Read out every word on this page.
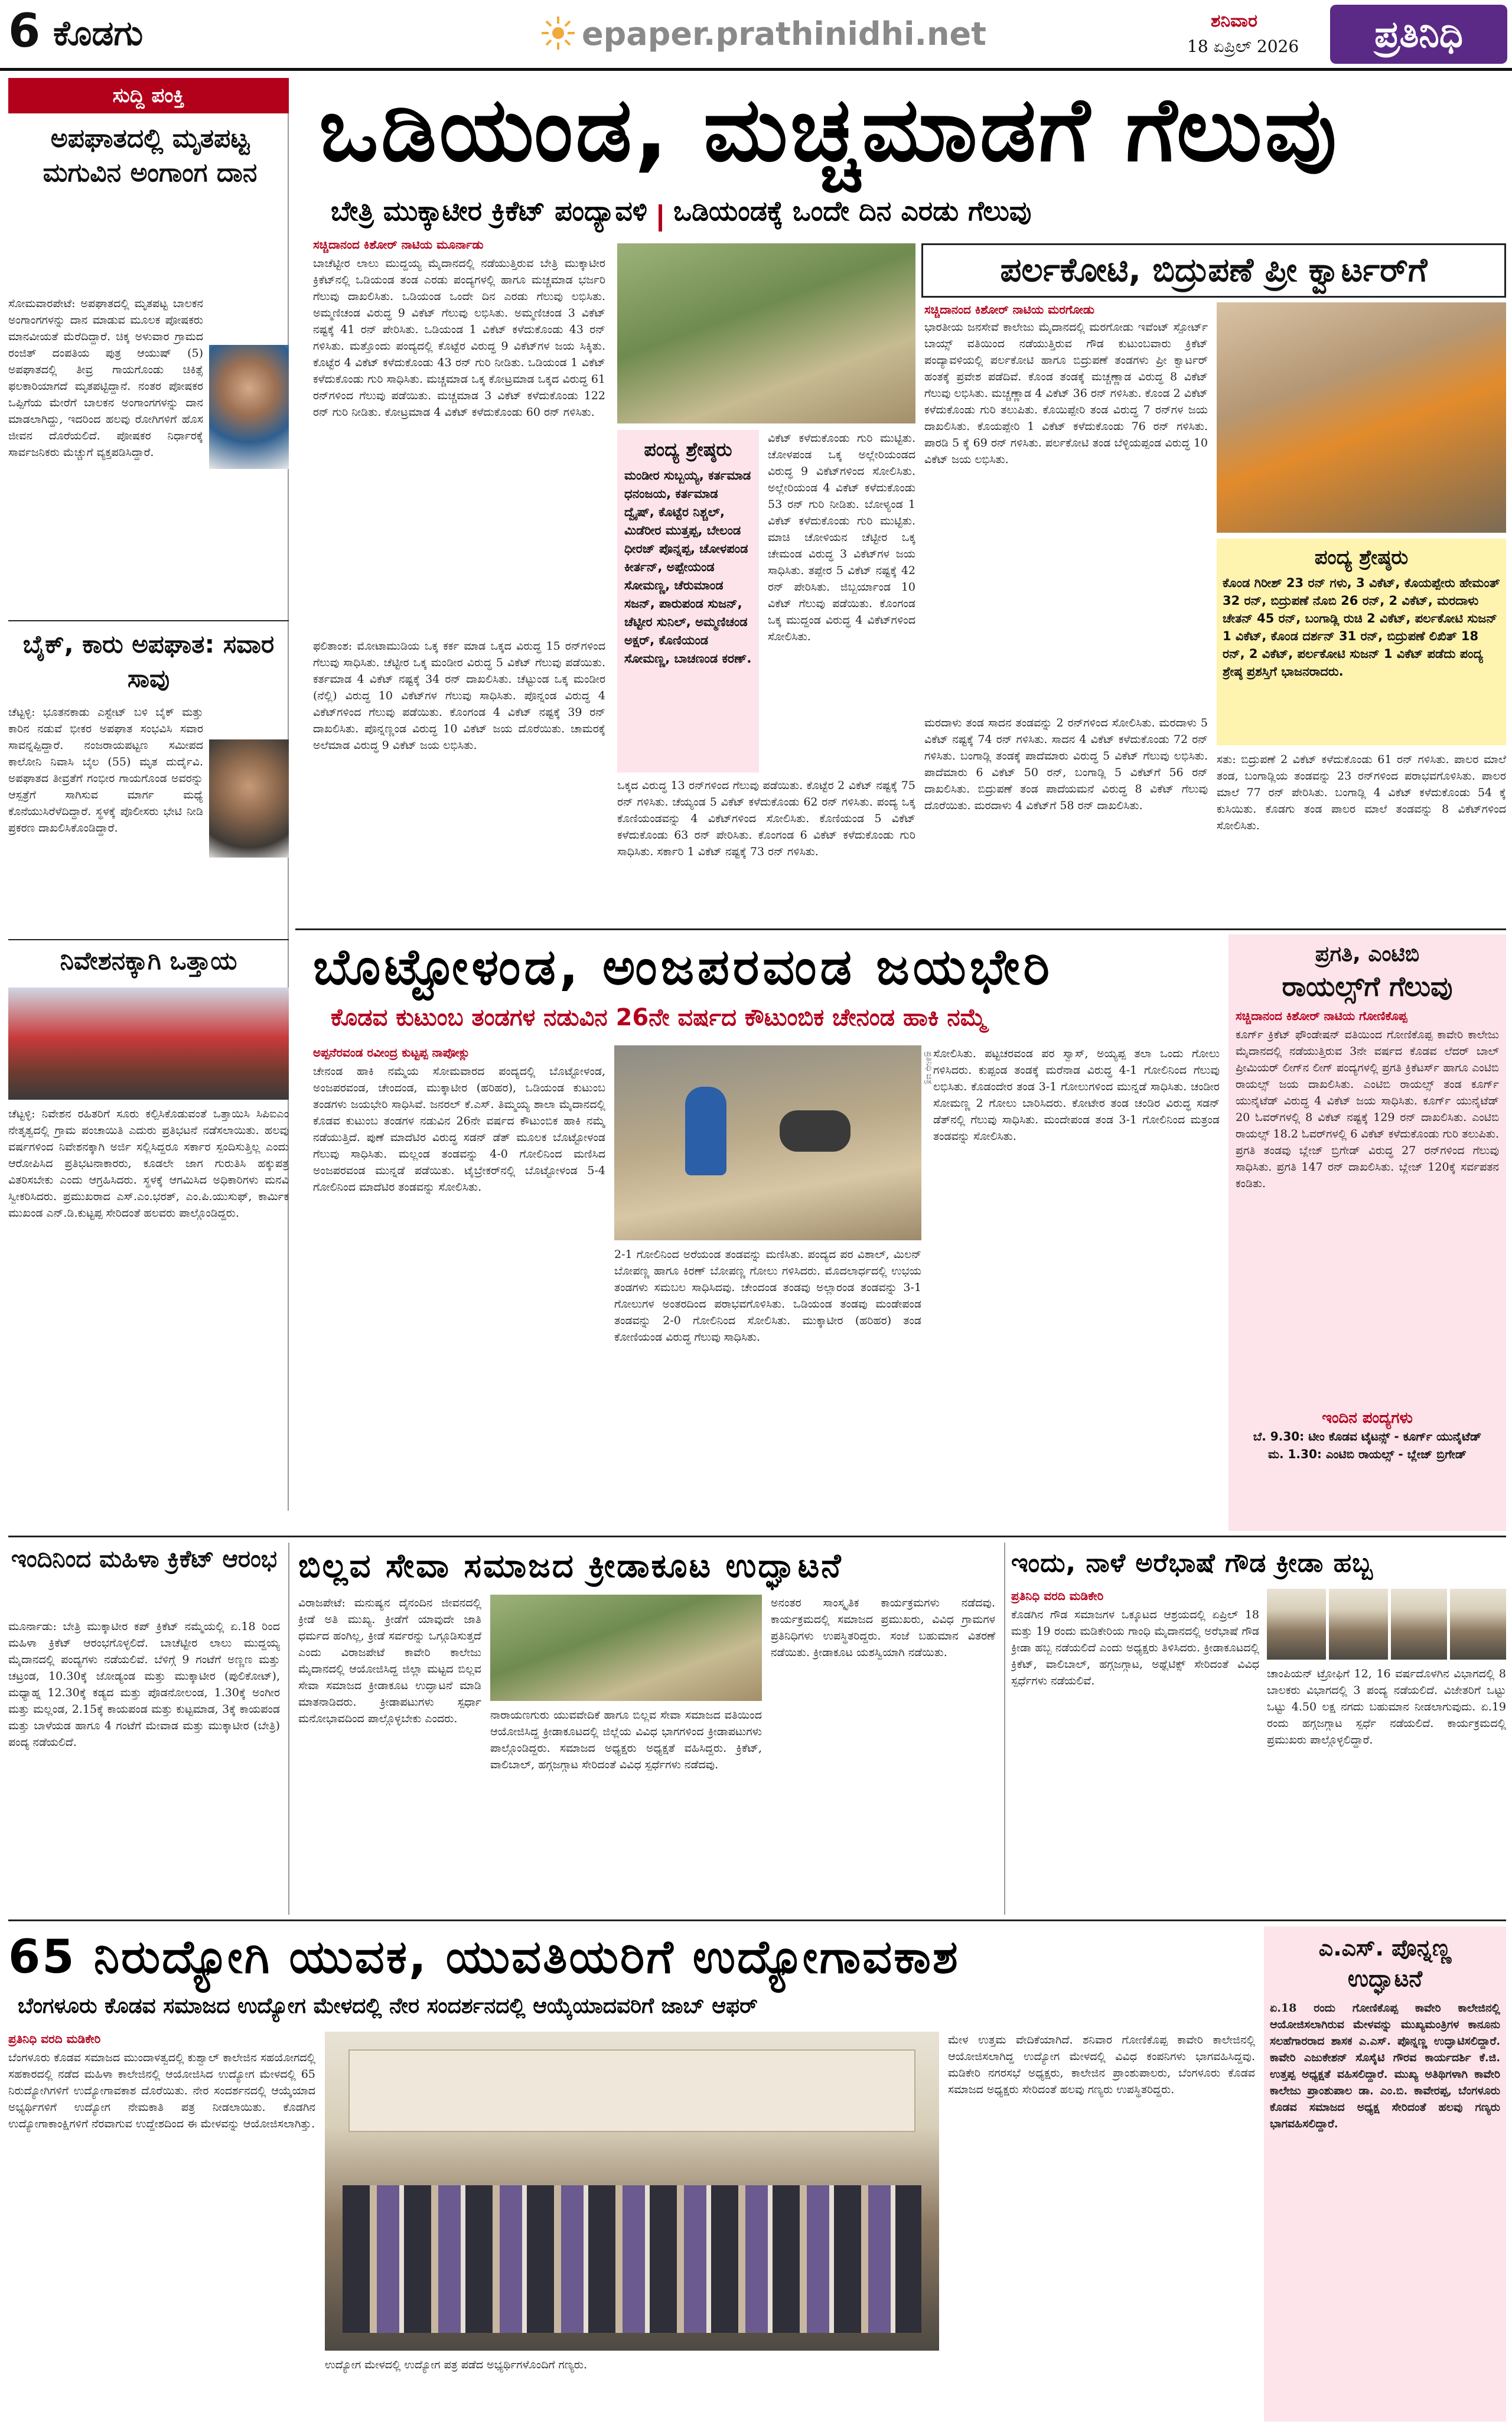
6 ಕೊಡಗು	epaper.prathinidhi.net	ಶನಿವಾರ
18 ಏಪ್ರಿಲ್ 2026	ಪ್ರತಿನಿಧಿ
ಸುದ್ದಿ ಪಂಕ್ತಿ
ಅಪಘಾತದಲ್ಲಿ ಮೃತಪಟ್ಟ ಮಗುವಿನ ಅಂಗಾಂಗ ದಾನ
ಸೋಮವಾರಪೇಟೆ: ಅಪಘಾತದಲ್ಲಿ ಮೃತಪಟ್ಟ ಬಾಲಕನ ಅಂಗಾಂಗಗಳನ್ನು ದಾನ ಮಾಡುವ ಮೂಲಕ ಪೋಷಕರು ಮಾನವೀಯತೆ ಮೆರೆದಿದ್ದಾರೆ. ಚಿಕ್ಕ ಅಳುವಾರ ಗ್ರಾಮದ ರಂಜಿತ್ ದಂಪತಿಯ ಪುತ್ರ ಆಯುಷ್ (5) ಅಪಘಾತದಲ್ಲಿ ತೀವ್ರ ಗಾಯಗೊಂಡು ಚಿಕಿತ್ಸೆ ಫಲಕಾರಿಯಾಗದೆ ಮೃತಪಟ್ಟಿದ್ದಾನೆ. ನಂತರ ಪೋಷಕರ ಒಪ್ಪಿಗೆಯ ಮೇರೆಗೆ ಬಾಲಕನ ಅಂಗಾಂಗಗಳನ್ನು ದಾನ ಮಾಡಲಾಗಿದ್ದು, ಇದರಿಂದ ಹಲವು ರೋಗಿಗಳಿಗೆ ಹೊಸ ಜೀವನ ದೊರೆಯಲಿದೆ. ಪೋಷಕರ ನಿರ್ಧಾರಕ್ಕೆ ಸಾರ್ವಜನಿಕರು ಮೆಚ್ಚುಗೆ ವ್ಯಕ್ತಪಡಿಸಿದ್ದಾರೆ.
ಬೈಕ್, ಕಾರು ಅಪಘಾತ: ಸವಾರ ಸಾವು
ಚೆಟ್ಟಳ್ಳಿ: ಭೂತನಕಾಡು ಎಸ್ಟೇಟ್ ಬಳಿ ಬೈಕ್ ಮತ್ತು ಕಾರಿನ ನಡುವೆ ಭೀಕರ ಅಪಘಾತ ಸಂಭವಿಸಿ ಸವಾರ ಸಾವನ್ನಪ್ಪಿದ್ದಾರೆ. ನಂಜರಾಯಪಟ್ಟಣ ಸಮೀಪದ ಕಾಲೋನಿ ನಿವಾಸಿ ಬೈಲ (55) ಮೃತ ದುರ್ದೈವಿ. ಅಪಘಾತದ ತೀವ್ರತೆಗೆ ಗಂಭೀರ ಗಾಯಗೊಂಡ ಅವರನ್ನು ಆಸ್ಪತ್ರೆಗೆ ಸಾಗಿಸುವ ಮಾರ್ಗ ಮಧ್ಯೆ ಕೊನೆಯುಸಿರೆಳೆದಿದ್ದಾರೆ. ಸ್ಥಳಕ್ಕೆ ಪೊಲೀಸರು ಭೇಟಿ ನೀಡಿ ಪ್ರಕರಣ ದಾಖಲಿಸಿಕೊಂಡಿದ್ದಾರೆ.
ನಿವೇಶನಕ್ಕಾಗಿ ಒತ್ತಾಯ
ಚೆಟ್ಟಳ್ಳಿ: ನಿವೇಶನ ರಹಿತರಿಗೆ ಸೂರು ಕಲ್ಪಿಸಿಕೊಡುವಂತೆ ಒತ್ತಾಯಿಸಿ ಸಿಪಿಐಎಂ ನೇತೃತ್ವದಲ್ಲಿ ಗ್ರಾಮ ಪಂಚಾಯಿತಿ ಎದುರು ಪ್ರತಿಭಟನೆ ನಡೆಸಲಾಯಿತು. ಹಲವು ವರ್ಷಗಳಿಂದ ನಿವೇಶನಕ್ಕಾಗಿ ಅರ್ಜಿ ಸಲ್ಲಿಸಿದ್ದರೂ ಸರ್ಕಾರ ಸ್ಪಂದಿಸುತ್ತಿಲ್ಲ ಎಂದು ಆರೋಪಿಸಿದ ಪ್ರತಿಭಟನಾಕಾರರು, ಕೂಡಲೇ ಜಾಗ ಗುರುತಿಸಿ ಹಕ್ಕುಪತ್ರ ವಿತರಿಸಬೇಕು ಎಂದು ಆಗ್ರಹಿಸಿದರು. ಸ್ಥಳಕ್ಕೆ ಆಗಮಿಸಿದ ಅಧಿಕಾರಿಗಳು ಮನವಿ ಸ್ವೀಕರಿಸಿದರು. ಪ್ರಮುಖರಾದ ಎಸ್.ಎಂ.ಭರತ್, ಎಂ.ಪಿ.ಯುಸುಫ್, ಕಾರ್ಮಿಕ ಮುಖಂಡ ಎನ್.ಡಿ.ಕುಟ್ಟಪ್ಪ ಸೇರಿದಂತೆ ಹಲವರು ಪಾಲ್ಗೊಂಡಿದ್ದರು.
ಒಡಿಯಂಡ, ಮಚ್ಚಮಾಡಗೆ ಗೆಲುವು
ಬೇತ್ರಿ ಮುಕ್ಕಾಟೀರ ಕ್ರಿಕೆಟ್ ಪಂದ್ಯಾವಳಿ ಒಡಿಯಂಡಕ್ಕೆ ಒಂದೇ ದಿನ ಎರಡು ಗೆಲುವು
ಸಚ್ಚಿದಾನಂದ ಕಿಶೋರ್ ನಾಟಿಯ ಮೂರ್ನಾಡು
ಬಾಚೆಟ್ಟೀರ ಲಾಲು ಮುದ್ದಯ್ಯ ಮೈದಾನದಲ್ಲಿ ನಡೆಯುತ್ತಿರುವ ಬೇತ್ರಿ ಮುಕ್ಕಾಟೀರ ಕ್ರಿಕೆಟ್‌ನಲ್ಲಿ ಒಡಿಯಂಡ ತಂಡ ಎರಡು ಪಂದ್ಯಗಳಲ್ಲಿ ಹಾಗೂ ಮಚ್ಚಮಾಡ ಭರ್ಜರಿ ಗೆಲುವು ದಾಖಲಿಸಿತು. ಒಡಿಯಂಡ ಒಂದೇ ದಿನ ಎರಡು ಗೆಲುವು ಲಭಿಸಿತು. ಅಮ್ಮಣಿಚಂಡ ವಿರುದ್ಧ 9 ವಿಕೆಟ್ ಗೆಲುವು ಲಭಿಸಿತು. ಅಮ್ಮಣಿಚಂಡ 3 ವಿಕೆಟ್ ನಷ್ಟಕ್ಕೆ 41 ರನ್ ಪೇರಿಸಿತು. ಒಡಿಯಂಡ 1 ವಿಕೆಟ್ ಕಳೆದುಕೊಂಡು 43 ರನ್ ಗಳಿಸಿತು. ಮತ್ತೊಂದು ಪಂದ್ಯದಲ್ಲಿ ಕೊಟ್ಟೆರ ವಿರುದ್ಧ 9 ವಿಕೆಟ್‌ಗಳ ಜಯ ಸಿಕ್ಕಿತು. ಕೊಟ್ಟೆರ 4 ವಿಕೆಟ್ ಕಳೆದುಕೊಂಡು 43 ರನ್ ಗುರಿ ನೀಡಿತು. ಒಡಿಯಂಡ 1 ವಿಕೆಟ್ ಕಳೆದುಕೊಂಡು ಗುರಿ ಸಾಧಿಸಿತು. ಮಚ್ಚಮಾಡ ಒಕ್ಕ ಕೋಟ್ರಮಾಡ ಒಕ್ಕದ ವಿರುದ್ಧ 61 ರನ್‌ಗಳಿಂದ ಗೆಲುವು ಪಡೆಯಿತು. ಮಚ್ಚಮಾಡ 3 ವಿಕೆಟ್ ಕಳೆದುಕೊಂಡು 122 ರನ್ ಗುರಿ ನೀಡಿತು. ಕೋಟ್ರಮಾಡ 4 ವಿಕೆಟ್ ಕಳೆದುಕೊಂಡು 60 ರನ್ ಗಳಿಸಿತು.
ಫಲಿತಾಂಶ: ಮೋಟಾಮುಡಿಯ ಒಕ್ಕ ಕರ್ಕ ಮಾಡ ಒಕ್ಕದ ವಿರುದ್ಧ 15 ರನ್‌ಗಳಿಂದ ಗೆಲುವು ಸಾಧಿಸಿತು. ಚೆಟ್ಟೀರ ಒಕ್ಕ ಮಂಡೀರ ವಿರುದ್ಧ 5 ವಿಕೆಟ್ ಗೆಲುವು ಪಡೆಯಿತು. ಕರ್ತಮಾಡ 4 ವಿಕೆಟ್ ನಷ್ಟಕ್ಕೆ 34 ರನ್ ದಾಖಲಿಸಿತು. ಚೆಟ್ಟುಂಡ ಒಕ್ಕ ಮಂಡೀರ (ನೆಲ್ಲಿ) ವಿರುದ್ಧ 10 ವಿಕೆಟ್‌ಗಳ ಗೆಲುವು ಸಾಧಿಸಿತು. ಪೊನ್ನಂಡ ವಿರುದ್ಧ 4 ವಿಕೆಟ್‌ಗಳಿಂದ ಗೆಲುವು ಪಡೆಯಿತು. ಕೊಂಗಂಡ 4 ವಿಕೆಟ್ ನಷ್ಟಕ್ಕೆ 39 ರನ್ ದಾಖಲಿಸಿತು. ಪೊನ್ನಣ್ಣಂಡ ವಿರುದ್ಧ 10 ವಿಕೆಟ್ ಜಯ ದೊರೆಯಿತು. ಚಾಮರಕ್ಕೆ ಅಲೆಮಾಡ ವಿರುದ್ಧ 9 ವಿಕೆಟ್ ಜಯ ಲಭಿಸಿತು.
ಪಂದ್ಯ ಶ್ರೇಷ್ಠರು
ಮಂಡೀರ ಸುಬ್ಬಯ್ಯ, ಕರ್ತಮಾಡ ಧನಂಜಯ, ಕರ್ತಮಾಡ ದ್ವೈಷ್, ಕೊಟ್ಟೆರ ನಿಶ್ಚಲ್, ಮಿಡೆರೀರ ಮುತ್ತಪ್ಪ, ಬೇಲಂಡ ಧೀರಜ್ ಪೊನ್ನಪ್ಪ, ಚೋಳಪಂಡ ಕೀರ್ತನ್, ಅಪ್ಪೇಯಂಡ ಸೋಮಣ್ಣ, ಚೆರುಮಾಂಡ ಸಜನ್, ಪಾರುಪಂಡ ಸುಜನ್, ಚೆಟ್ಟೀರ ಸುನಿಲ್, ಅಮ್ಮಣಿಚಂಡ ಅಕ್ಷರ್, ಕೊಣಿಯಂಡ ಸೋಮಣ್ಣ, ಬಾಚಣಂಡ ಕರಣ್.
ವಿಕೆಟ್ ಕಳೆದುಕೊಂಡು ಗುರಿ ಮುಟ್ಟಿತು. ಚೋಳಪಂಡ ಒಕ್ಕ ಅಲ್ಲೇರಿಯಂಡದ ವಿರುದ್ಧ 9 ವಿಕೆಟ್‌ಗಳಿಂದ ಸೋಲಿಸಿತು. ಅಲ್ಲೇರಿಯಂಡ 4 ವಿಕೆಟ್ ಕಳೆದುಕೊಂಡು 53 ರನ್ ಗುರಿ ನೀಡಿತು. ಬೋಳ್ಯಂಡ 1 ವಿಕೆಟ್ ಕಳೆದುಕೊಂಡು ಗುರಿ ಮುಟ್ಟಿತು. ಮಾಚಿ ಚೋಳಿಯನ ಚೆಟ್ಟೀರ ಒಕ್ಕ ಚೇಮಂಡ ವಿರುದ್ಧ 3 ವಿಕೆಟ್‌ಗಳ ಜಯ ಸಾಧಿಸಿತು. ತಪ್ಪೇರ 5 ವಿಕೆಟ್ ನಷ್ಟಕ್ಕೆ 42 ರನ್ ಪೇರಿಸಿತು. ಜಿಬ್ಬರ್ಯಾಂಡ 10 ವಿಕೆಟ್ ಗೆಲುವು ಪಡೆಯಿತು. ಕೊಂಗಂಡ ಒಕ್ಕ ಮುದ್ದಂಡ ವಿರುದ್ಧ 4 ವಿಕೆಟ್‌ಗಳಿಂದ ಸೋಲಿಸಿತು.
ಒಕ್ಕದ ವಿರುದ್ಧ 13 ರನ್‌ಗಳಿಂದ ಗೆಲುವು ಪಡೆಯಿತು. ಕೊಟ್ಟೆರ 2 ವಿಕೆಟ್ ನಷ್ಟಕ್ಕೆ 75 ರನ್ ಗಳಿಸಿತು. ಚೆಯ್ಯಂಡ 5 ವಿಕೆಟ್ ಕಳೆದುಕೊಂಡು 62 ರನ್ ಗಳಿಸಿತು. ಪಂದ್ಯ ಒಕ್ಕ ಕೊಣಿಯಂಡವನ್ನು 4 ವಿಕೆಟ್‌ಗಳಿಂದ ಸೋಲಿಸಿತು. ಕೊಣಿಯಂಡ 5 ವಿಕೆಟ್ ಕಳೆದುಕೊಂಡು 63 ರನ್ ಪೇರಿಸಿತು. ಕೊಂಗಂಡ 6 ವಿಕೆಟ್ ಕಳೆದುಕೊಂಡು ಗುರಿ ಸಾಧಿಸಿತು. ಸರ್ಕಾರಿ 1 ವಿಕೆಟ್ ನಷ್ಟಕ್ಕೆ 73 ರನ್ ಗಳಿಸಿತು.
ಪರ್ಲಕೋಟಿ, ಬಿದ್ರುಪಣೆ ಪ್ರೀ ಕ್ವಾರ್ಟರ್‌ಗೆ
ಸಚ್ಚಿದಾನಂದ ಕಿಶೋರ್ ನಾಟಿಯ ಮರಗೋಡು
ಭಾರತೀಯ ಜನಸೇವೆ ಕಾಲೇಜು ಮೈದಾನದಲ್ಲಿ ಮರಗೋಡು ಇವೆಂಟ್ ಸ್ಪೋರ್ಟ್ ಬಾಯ್ಸ್ ವತಿಯಿಂದ ನಡೆಯುತ್ತಿರುವ ಗೌಡ ಕುಟುಂಬವಾರು ಕ್ರಿಕೆಟ್ ಪಂದ್ಯಾವಳಿಯಲ್ಲಿ ಪರ್ಲಕೋಟಿ ಹಾಗೂ ಬಿದ್ರುಪಣೆ ತಂಡಗಳು ಪ್ರೀ ಕ್ವಾರ್ಟರ್ ಹಂತಕ್ಕೆ ಪ್ರವೇಶ ಪಡೆದಿವೆ. ಕೊಂಡ ತಂಡಕ್ಕೆ ಮಚ್ಚಣ್ಣಾಡ ವಿರುದ್ಧ 8 ವಿಕೆಟ್ ಗೆಲುವು ಲಭಿಸಿತು. ಮಚ್ಚಣ್ಣಾಡ 4 ವಿಕೆಟ್ 36 ರನ್ ಗಳಿಸಿತು. ಕೊಂಡ 2 ವಿಕೆಟ್ ಕಳೆದುಕೊಂಡು ಗುರಿ ತಲುಪಿತು. ಕೊಯಿಪ್ಪೇರಿ ತಂಡ ವಿರುದ್ಧ 7 ರನ್‌ಗಳ ಜಯ ದಾಖಲಿಸಿತು. ಕೊಯಪ್ಪೇರಿ 1 ವಿಕೆಟ್ ಕಳೆದುಕೊಂಡು 76 ರನ್ ಗಳಿಸಿತು. ಪಾರಡಿ 5 ಕ್ಕೆ 69 ರನ್ ಗಳಿಸಿತು. ಪರ್ಲಕೋಟಿ ತಂಡ ಬೆಳ್ಳಿಯಪ್ಪಂಡ ವಿರುದ್ಧ 10 ವಿಕೆಟ್ ಜಯ ಲಭಿಸಿತು.
ಪಂದ್ಯ ಶ್ರೇಷ್ಠರು
ಕೊಂಡ ಗಿರೀಶ್ 23 ರನ್ ಗಳು, 3 ವಿಕೆಟ್, ಕೊಯಪ್ಪೇರು ಹೇಮಂತ್ 32 ರನ್, ಬಿದ್ರುಪಣೆ ನೊಬಿ 26 ರನ್, 2 ವಿಕೆಟ್, ಮರದಾಳು ಚೇತನ್ 45 ರನ್, ಬಂಗಾಡ್ಲಿ ರುಚಿ 2 ವಿಕೆಟ್, ಪರ್ಲಕೋಟಿ ಸುಜನ್ 1 ವಿಕೆಟ್, ಕೊಂಡ ದರ್ಶನ್ 31 ರನ್, ಬಿದ್ರುಪಣೆ ಲಿಖಿತ್ 18 ರನ್, 2 ವಿಕೆಟ್, ಪರ್ಲಕೋಟಿ ಸುಜನ್ 1 ವಿಕೆಟ್ ಪಡೆದು ಪಂದ್ಯ ಶ್ರೇಷ್ಠ ಪ್ರಶಸ್ತಿಗೆ ಭಾಜನರಾದರು.
ಮರದಾಳು ತಂಡ ಸಾದನ ತಂಡವನ್ನು 2 ರನ್‌ಗಳಿಂದ ಸೋಲಿಸಿತು. ಮರದಾಳು 5 ವಿಕೆಟ್ ನಷ್ಟಕ್ಕೆ 74 ರನ್ ಗಳಿಸಿತು. ಸಾದನ 4 ವಿಕೆಟ್ ಕಳೆದುಕೊಂಡು 72 ರನ್ ಗಳಿಸಿತು. ಬಂಗಾಡ್ಲಿ ತಂಡಕ್ಕೆ ಪಾದೆಮಾರು ವಿರುದ್ಧ 5 ವಿಕೆಟ್ ಗೆಲುವು ಲಭಿಸಿತು. ಪಾದೆಮಾರು 6 ವಿಕೆಟ್ 50 ರನ್, ಬಂಗಾಡ್ಲಿ 5 ವಿಕೆಟ್‌ಗೆ 56 ರನ್ ದಾಖಲಿಸಿತು. ಬಿದ್ರುಪಣೆ ತಂಡ ಪಾದೆಯಮನೆ ವಿರುದ್ಧ 8 ವಿಕೆಟ್ ಗೆಲುವು ದೊರೆಯಿತು. ಮರದಾಳು 4 ವಿಕೆಟ್‌ಗೆ 58 ರನ್ ದಾಖಲಿಸಿತು.
ಸತು: ಬಿದ್ರುಪಣೆ 2 ವಿಕೆಟ್ ಕಳೆದುಕೊಂಡು 61 ರನ್ ಗಳಿಸಿತು. ಪಾಲರ ಮಾಲೆ ತಂಡ, ಬಂಗಾಡ್ಲಿಯ ತಂಡವನ್ನು 23 ರನ್‌ಗಳಿಂದ ಪರಾಭವಗೊಳಿಸಿತು. ಪಾಲರ ಮಾಲೆ 77 ರನ್ ಪೇರಿಸಿತು. ಬಂಗಾಡ್ಲಿ 4 ವಿಕೆಟ್ ಕಳೆದುಕೊಂಡು 54 ಕ್ಕೆ ಕುಸಿಯಿತು. ಕೊಡಗು ತಂಡ ಪಾಲರ ಮಾಲೆ ತಂಡವನ್ನು 8 ವಿಕೆಟ್‌ಗಳಿಂದ ಸೋಲಿಸಿತು.
ಬೊಟ್ಟೋಳಂಡ, ಅಂಜಪರವಂಡ ಜಯಭೇರಿ
ಕೊಡವ ಕುಟುಂಬ ತಂಡಗಳ ನಡುವಿನ 26ನೇ ವರ್ಷದ ಕೌಟುಂಬಿಕ ಚೇನಂಡ ಹಾಕಿ ನಮ್ಮೆ
ಅಪ್ಪನೆರವಂಡ ರವೀಂದ್ರ ಕುಟ್ಟಪ್ಪ ನಾಪೋಕ್ಲು
ಚೇನಂಡ ಹಾಕಿ ನಮ್ಮೆಯ ಸೋಮವಾರದ ಪಂದ್ಯದಲ್ಲಿ ಬೊಟ್ಟೋಳಂಡ, ಅಂಜಪರವಂಡ, ಚೇಂದಂಡ, ಮುಕ್ಕಾಟೀರ (ಹರಿಹರ), ಒಡಿಯಂಡ ಕುಟುಂಬ ತಂಡಗಳು ಜಯಭೇರಿ ಸಾಧಿಸಿವೆ. ಜನರಲ್ ಕೆ.ಎಸ್. ತಿಮ್ಮಯ್ಯ ಶಾಲಾ ಮೈದಾನದಲ್ಲಿ ಕೊಡವ ಕುಟುಂಬ ತಂಡಗಳ ನಡುವಿನ 26ನೇ ವರ್ಷದ ಕೌಟುಂಬಿಕ ಹಾಕಿ ನಮ್ಮೆ ನಡೆಯುತ್ತಿದೆ. ಪುಣೆ ಮಾದೆಟಿರ ವಿರುದ್ಧ ಸಡನ್ ಡೆತ್ ಮೂಲಕ ಬೊಟ್ಟೋಳಂಡ ಗೆಲುವು ಸಾಧಿಸಿತು. ಮಲ್ಲಂಡ ತಂಡವನ್ನು 4-0 ಗೋಲಿನಿಂದ ಮಣಿಸಿದ ಅಂಜಪರವಂಡ ಮುನ್ನಡೆ ಪಡೆಯಿತು. ಟೈಬ್ರೇಕರ್‌ನಲ್ಲಿ ಬೊಟ್ಟೋಳಂಡ 5-4 ಗೋಲಿನಿಂದ ಮಾದೆಟಿರ ತಂಡವನ್ನು ಸೋಲಿಸಿತು.
ಪ್ರತಿನಿಧಿ ಚಿತ್ರ
2-1 ಗೋಲಿನಿಂದ ಅರೆಯಂಡ ತಂಡವನ್ನು ಮಣಿಸಿತು. ಪಂದ್ಯದ ಪರ ವಿಶಾಲ್, ಮಿಲನ್ ಬೋಪಣ್ಣ ಹಾಗೂ ಕಿರಣ್ ಬೋಪಣ್ಣ ಗೋಲು ಗಳಿಸಿದರು. ಮೊದಲಾರ್ಧದಲ್ಲಿ ಉಭಯ ತಂಡಗಳು ಸಮಬಲ ಸಾಧಿಸಿದವು. ಚೇಂದಂಡ ತಂಡವು ಅಲ್ಲಾರಂಡ ತಂಡವನ್ನು 3-1 ಗೋಲುಗಳ ಅಂತರದಿಂದ ಪರಾಭವಗೊಳಿಸಿತು. ಒಡಿಯಂಡ ತಂಡವು ಮಂಡೇಪಂಡ ತಂಡವನ್ನು 2-0 ಗೋಲಿನಿಂದ ಸೋಲಿಸಿತು. ಮುಕ್ಕಾಟೀರ (ಹರಿಹರ) ತಂಡ ಕೋಣಿಯಂಡ ವಿರುದ್ಧ ಗೆಲುವು ಸಾಧಿಸಿತು.
ಸೋಲಿಸಿತು. ಪಟ್ಟಚರವಂಡ ಪರ ಸ್ವಾಸ್, ಅಯ್ಯಪ್ಪ ತಲಾ ಒಂದು ಗೋಲು ಗಳಿಸಿದರು. ಕುಪ್ಪಂಡ ತಂಡಕ್ಕೆ ಮರೆನಾಡ ವಿರುದ್ಧ 4-1 ಗೋಲಿನಿಂದ ಗೆಲುವು ಲಭಿಸಿತು. ಕೊಡಂದೇರ ತಂಡ 3-1 ಗೋಲುಗಳಿಂದ ಮುನ್ನಡೆ ಸಾಧಿಸಿತು. ಚಂಡೀರ ಸೋಮಣ್ಣ 2 ಗೋಲು ಬಾರಿಸಿದರು. ಕೋಟೇರ ತಂಡ ಚಂಡಿರ ವಿರುದ್ಧ ಸಡನ್ ಡೆತ್‌ನಲ್ಲಿ ಗೆಲುವು ಸಾಧಿಸಿತು. ಮಂದೇಪಂಡ ತಂಡ 3-1 ಗೋಲಿನಿಂದ ಮತ್ರಂಡ ತಂಡವನ್ನು ಸೋಲಿಸಿತು.
ಪ್ರಗತಿ, ಎಂಟಿಬಿ
ರಾಯಲ್ಸ್‌ಗೆ ಗೆಲುವು
ಸಚ್ಚಿದಾನಂದ ಕಿಶೋರ್ ನಾಟಿಯ ಗೋಣಿಕೊಪ್ಪ
ಕೂರ್ಗ್ ಕ್ರಿಕೆಟ್ ಫೌಂಡೇಷನ್ ವತಿಯಿಂದ ಗೋಣಿಕೊಪ್ಪ ಕಾವೇರಿ ಕಾಲೇಜು ಮೈದಾನದಲ್ಲಿ ನಡೆಯುತ್ತಿರುವ 3ನೇ ವರ್ಷದ ಕೊಡವ ಲೆದರ್ ಬಾಲ್ ಪ್ರೀಮಿಯರ್ ಲೀಗ್‌ನ ಲೀಗ್ ಪಂದ್ಯಗಳಲ್ಲಿ ಪ್ರಗತಿ ಕ್ರಿಕೆಟರ್ಸ್ ಹಾಗೂ ಎಂಟಿಬಿ ರಾಯಲ್ಸ್ ಜಯ ದಾಖಲಿಸಿತು. ಎಂಟಿಬಿ ರಾಯಲ್ಸ್ ತಂಡ ಕೂರ್ಗ್ ಯುನೈಟೆಡ್ ವಿರುದ್ಧ 4 ವಿಕೆಟ್ ಜಯ ಸಾಧಿಸಿತು. ಕೂರ್ಗ್ ಯುನೈಟೆಡ್ 20 ಓವರ್‌ಗಳಲ್ಲಿ 8 ವಿಕೆಟ್ ನಷ್ಟಕ್ಕೆ 129 ರನ್ ದಾಖಲಿಸಿತು. ಎಂಟಿಬಿ ರಾಯಲ್ಸ್ 18.2 ಓವರ್‌ಗಳಲ್ಲಿ 6 ವಿಕೆಟ್ ಕಳೆದುಕೊಂಡು ಗುರಿ ತಲುಪಿತು. ಪ್ರಗತಿ ತಂಡವು ಬ್ಲೇಜ್ ಬ್ರಿಗೇಡ್ ವಿರುದ್ಧ 27 ರನ್‌ಗಳಿಂದ ಗೆಲುವು ಸಾಧಿಸಿತು. ಪ್ರಗತಿ 147 ರನ್ ದಾಖಲಿಸಿತು. ಬ್ಲೇಜ್ 120ಕ್ಕೆ ಸರ್ವಪತನ ಕಂಡಿತು.
ಇಂದಿನ ಪಂದ್ಯಗಳು
ಬೆ. 9.30: ಟೀಂ ಕೊಡವ ಟೈಟನ್ಸ್ - ಕೂರ್ಗ್ ಯುನೈಟೆಡ್
ಮ. 1.30: ಎಂಟಿಬಿ ರಾಯಲ್ಸ್ - ಬ್ಲೇಜ್ ಬ್ರಿಗೇಡ್
ಇಂದಿನಿಂದ ಮಹಿಳಾ ಕ್ರಿಕೆಟ್ ಆರಂಭ
ಮೂರ್ನಾಡು: ಬೇತ್ರಿ ಮುಕ್ಕಾಟೀರ ಕಪ್ ಕ್ರಿಕೆಟ್ ನಮ್ಮೆಯಲ್ಲಿ ಏ.18 ರಿಂದ ಮಹಿಳಾ ಕ್ರಿಕೆಟ್ ಆರಂಭಗೊಳ್ಳಲಿದೆ. ಬಾಚೆಟ್ಟೀರ ಲಾಲು ಮುದ್ದಯ್ಯ ಮೈದಾನದಲ್ಲಿ ಪಂದ್ಯಗಳು ನಡೆಯಲಿವೆ. ಬೆಳಿಗ್ಗೆ 9 ಗಂಟೆಗೆ ಅಣ್ಣಣ ಮತ್ತು ಚಟ್ರಂಡ, 10.30ಕ್ಕೆ ಜೋಡ್ಯಂಡ ಮತ್ತು ಮುಕ್ಕಾಟೀರ (ಪುಲಿಕೋಟ್), ಮಧ್ಯಾಹ್ನ 12.30ಕ್ಕೆ ಕಡ್ಯದ ಮತ್ತು ಪೊಡನೋಲಂಡ, 1.30ಕ್ಕೆ ಅಂಗೀರ ಮತ್ತು ಮಲ್ಲಂಡ, 2.15ಕ್ಕೆ ಕಾಯಪಂಡ ಮತ್ತು ಕುಟ್ಟಮಾಡ, 3ಕ್ಕೆ ಕಾಯಪಂಡ ಮತ್ತು ಬಾಳೆಯಡ ಹಾಗೂ 4 ಗಂಟೆಗೆ ಮೇವಾಡ ಮತ್ತು ಮುಕ್ಕಾಟೀರ (ಬೇತ್ರಿ) ಪಂದ್ಯ ನಡೆಯಲಿದೆ.
ಬಿಲ್ಲವ ಸೇವಾ ಸಮಾಜದ ಕ್ರೀಡಾಕೂಟ ಉದ್ಘಾಟನೆ
ವಿರಾಜಪೇಟೆ: ಮನುಷ್ಯನ ದೈನಂದಿನ ಜೀವನದಲ್ಲಿ ಕ್ರೀಡೆ ಅತಿ ಮುಖ್ಯ. ಕ್ರೀಡೆಗೆ ಯಾವುದೇ ಜಾತಿ ಧರ್ಮದ ಹಂಗಿಲ್ಲ, ಕ್ರೀಡೆ ಸರ್ವರನ್ನು ಒಗ್ಗೂಡಿಸುತ್ತದೆ ಎಂದು ವಿರಾಜಪೇಟೆ ಕಾವೇರಿ ಕಾಲೇಜು ಮೈದಾನದಲ್ಲಿ ಆಯೋಜಿಸಿದ್ದ ಜಿಲ್ಲಾ ಮಟ್ಟದ ಬಿಲ್ಲವ ಸೇವಾ ಸಮಾಜದ ಕ್ರೀಡಾಕೂಟ ಉದ್ಘಾಟನೆ ಮಾಡಿ ಮಾತನಾಡಿದರು. ಕ್ರೀಡಾಪಟುಗಳು ಸ್ಪರ್ಧಾ ಮನೋಭಾವದಿಂದ ಪಾಲ್ಗೊಳ್ಳಬೇಕು ಎಂದರು.	ನಾರಾಯಣಗುರು ಯುವವೇದಿಕೆ ಹಾಗೂ ಬಿಲ್ಲವ ಸೇವಾ ಸಮಾಜದ ವತಿಯಿಂದ ಆಯೋಜಿಸಿದ್ದ ಕ್ರೀಡಾಕೂಟದಲ್ಲಿ ಜಿಲ್ಲೆಯ ವಿವಿಧ ಭಾಗಗಳಿಂದ ಕ್ರೀಡಾಪಟುಗಳು ಪಾಲ್ಗೊಂಡಿದ್ದರು. ಸಮಾಜದ ಅಧ್ಯಕ್ಷರು ಅಧ್ಯಕ್ಷತೆ ವಹಿಸಿದ್ದರು. ಕ್ರಿಕೆಟ್, ವಾಲಿಬಾಲ್, ಹಗ್ಗಜಗ್ಗಾಟ ಸೇರಿದಂತೆ ವಿವಿಧ ಸ್ಪರ್ಧೆಗಳು ನಡೆದವು.
ಅನಂತರ ಸಾಂಸ್ಕೃತಿಕ ಕಾರ್ಯಕ್ರಮಗಳು ನಡೆದವು. ಕಾರ್ಯಕ್ರಮದಲ್ಲಿ ಸಮಾಜದ ಪ್ರಮುಖರು, ವಿವಿಧ ಗ್ರಾಮಗಳ ಪ್ರತಿನಿಧಿಗಳು ಉಪಸ್ಥಿತರಿದ್ದರು. ಸಂಜೆ ಬಹುಮಾನ ವಿತರಣೆ ನಡೆಯಿತು. ಕ್ರೀಡಾಕೂಟ ಯಶಸ್ವಿಯಾಗಿ ನಡೆಯಿತು.
ಇಂದು, ನಾಳೆ ಅರೆಭಾಷೆ ಗೌಡ ಕ್ರೀಡಾ ಹಬ್ಬ
ಪ್ರತಿನಿಧಿ ವರದಿ ಮಡಿಕೇರಿ
ಕೊಡಗಿನ ಗೌಡ ಸಮಾಜಗಳ ಒಕ್ಕೂಟದ ಆಶ್ರಯದಲ್ಲಿ ಏಪ್ರಿಲ್ 18 ಮತ್ತು 19 ರಂದು ಮಡಿಕೇರಿಯ ಗಾಂಧಿ ಮೈದಾನದಲ್ಲಿ ಅರೆಭಾಷೆ ಗೌಡ ಕ್ರೀಡಾ ಹಬ್ಬ ನಡೆಯಲಿದೆ ಎಂದು ಅಧ್ಯಕ್ಷರು ತಿಳಿಸಿದರು. ಕ್ರೀಡಾಕೂಟದಲ್ಲಿ ಕ್ರಿಕೆಟ್, ವಾಲಿಬಾಲ್, ಹಗ್ಗಜಗ್ಗಾಟ, ಅಥ್ಲೆಟಿಕ್ಸ್ ಸೇರಿದಂತೆ ವಿವಿಧ ಸ್ಪರ್ಧೆಗಳು ನಡೆಯಲಿವೆ.
ಚಾಂಪಿಯನ್ ಟ್ರೋಫಿಗೆ 12, 16 ವರ್ಷದೊಳಗಿನ ವಿಭಾಗದಲ್ಲಿ 8 ಬಾಲಕರು ವಿಭಾಗದಲ್ಲಿ 3 ಪಂದ್ಯ ನಡೆಯಲಿದೆ. ವಿಜೇತರಿಗೆ ಒಟ್ಟು ಒಟ್ಟು 4.50 ಲಕ್ಷ ನಗದು ಬಹುಮಾನ ನೀಡಲಾಗುವುದು. ಏ.19 ರಂದು ಹಗ್ಗಜಗ್ಗಾಟ ಸ್ಪರ್ಧೆ ನಡೆಯಲಿದೆ. ಕಾರ್ಯಕ್ರಮದಲ್ಲಿ ಪ್ರಮುಖರು ಪಾಲ್ಗೊಳ್ಳಲಿದ್ದಾರೆ.
65 ನಿರುದ್ಯೋಗಿ ಯುವಕ, ಯುವತಿಯರಿಗೆ ಉದ್ಯೋಗಾವಕಾಶ
ಬೆಂಗಳೂರು ಕೊಡವ ಸಮಾಜದ ಉದ್ಯೋಗ ಮೇಳದಲ್ಲಿ ನೇರ ಸಂದರ್ಶನದಲ್ಲಿ ಆಯ್ಕೆಯಾದವರಿಗೆ ಜಾಬ್ ಆಫರ್
ಪ್ರತಿನಿಧಿ ವರದಿ ಮಡಿಕೇರಿ
ಬೆಂಗಳೂರು ಕೊಡವ ಸಮಾಜದ ಮುಂದಾಳತ್ವದಲ್ಲಿ ಕುಶ್ವಾಲ್ ಕಾಲೇಜಿನ ಸಹಯೋಗದಲ್ಲಿ ಸಹಕಾರದಲ್ಲಿ ನಡೆದ ಮಹಿಳಾ ಕಾಲೇಜಿನಲ್ಲಿ ಆಯೋಜಿಸಿದ ಉದ್ಯೋಗ ಮೇಳದಲ್ಲಿ 65 ನಿರುದ್ಯೋಗಿಗಳಿಗೆ ಉದ್ಯೋಗಾವಕಾಶ ದೊರೆಯಿತು. ನೇರ ಸಂದರ್ಶನದಲ್ಲಿ ಆಯ್ಕೆಯಾದ ಅಭ್ಯರ್ಥಿಗಳಿಗೆ ಉದ್ಯೋಗ ನೇಮಕಾತಿ ಪತ್ರ ನೀಡಲಾಯಿತು. ಕೊಡಗಿನ ಉದ್ಯೋಗಾಕಾಂಕ್ಷಿಗಳಿಗೆ ನೆರವಾಗುವ ಉದ್ದೇಶದಿಂದ ಈ ಮೇಳವನ್ನು ಆಯೋಜಿಸಲಾಗಿತ್ತು.
ಉದ್ಯೋಗ ಮೇಳದಲ್ಲಿ ಉದ್ಯೋಗ ಪತ್ರ ಪಡೆದ ಅಭ್ಯರ್ಥಿಗಳೊಂದಿಗೆ ಗಣ್ಯರು.
ಮೇಳ ಉತ್ತಮ ವೇದಿಕೆಯಾಗಿದೆ. ಶನಿವಾರ ಗೋಣಿಕೊಪ್ಪ ಕಾವೇರಿ ಕಾಲೇಜಿನಲ್ಲಿ ಆಯೋಜಿಸಲಾಗಿದ್ದ ಉದ್ಯೋಗ ಮೇಳದಲ್ಲಿ ವಿವಿಧ ಕಂಪನಿಗಳು ಭಾಗವಹಿಸಿದ್ದವು. ಮಡಿಕೇರಿ ನಗರಸಭೆ ಅಧ್ಯಕ್ಷರು, ಕಾಲೇಜಿನ ಪ್ರಾಂಶುಪಾಲರು, ಬೆಂಗಳೂರು ಕೊಡವ ಸಮಾಜದ ಅಧ್ಯಕ್ಷರು ಸೇರಿದಂತೆ ಹಲವು ಗಣ್ಯರು ಉಪಸ್ಥಿತರಿದ್ದರು.
ಎ.ಎಸ್. ಪೊನ್ನಣ್ಣ
ಉದ್ಘಾಟನೆ
ಏ.18 ರಂದು ಗೋಣಿಕೊಪ್ಪ ಕಾವೇರಿ ಕಾಲೇಜಿನಲ್ಲಿ ಆಯೋಜಿಸಲಾಗಿರುವ ಮೇಳವನ್ನು ಮುಖ್ಯಮಂತ್ರಿಗಳ ಕಾನೂನು ಸಲಹೆಗಾರರಾದ ಶಾಸಕ ಎ.ಎಸ್. ಪೊನ್ನಣ್ಣ ಉದ್ಘಾಟಿಸಲಿದ್ದಾರೆ. ಕಾವೇರಿ ಎಜುಕೇಶನ್ ಸೊಸೈಟಿ ಗೌರವ ಕಾರ್ಯದರ್ಶಿ ಕೆ.ಜಿ. ಉತ್ತಪ್ಪ ಅಧ್ಯಕ್ಷತೆ ವಹಿಸಲಿದ್ದಾರೆ. ಮುಖ್ಯ ಅತಿಥಿಗಳಾಗಿ ಕಾವೇರಿ ಕಾಲೇಜು ಪ್ರಾಂಶುಪಾಲ ಡಾ. ಎಂ.ಬಿ. ಕಾವೇರಪ್ಪ, ಬೆಂಗಳೂರು ಕೊಡವ ಸಮಾಜದ ಅಧ್ಯಕ್ಷ ಸೇರಿದಂತೆ ಹಲವು ಗಣ್ಯರು ಭಾಗವಹಿಸಲಿದ್ದಾರೆ.
